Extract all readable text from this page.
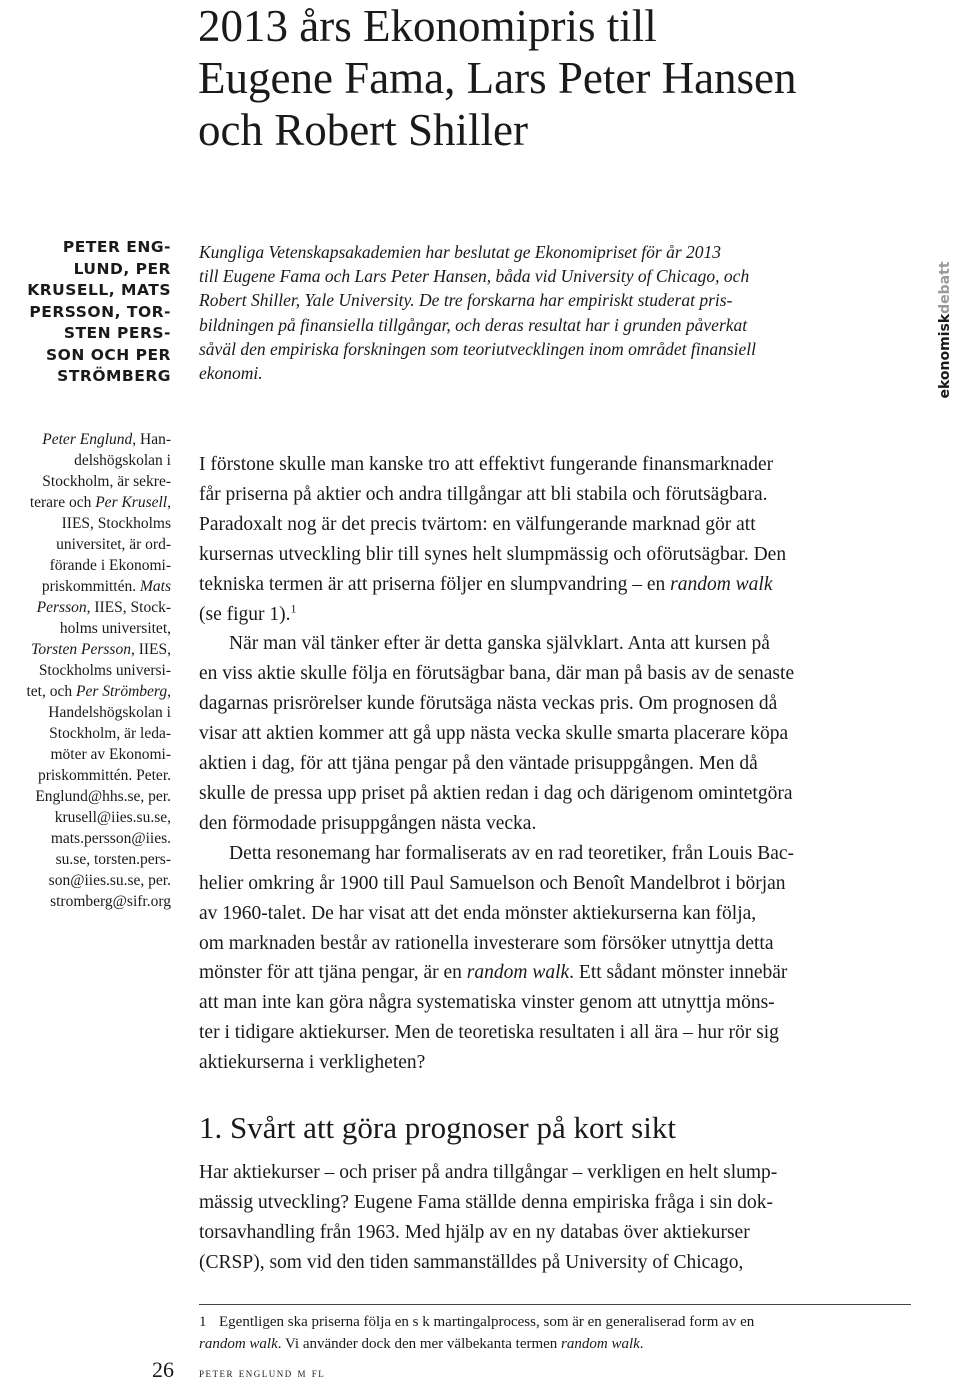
2013 års Ekonomipris till
Eugene Fama, Lars Peter Hansen
och Robert Shiller
PETER ENG-
LUND, PER
KRUSELL, MATS
PERSSON, TOR-
STEN PERS-
SON OCH PER
STRÖMBERG
Peter Englund, Han-
delshögskolan i
Stockholm, är sekre-
terare och Per Krusell,
IIES, Stockholms
universitet, är ord-
förande i Ekonomi-
priskommittén. Mats
Persson, IIES, Stock-
holms universitet,
Torsten Persson, IIES,
Stockholms universi-
tet, och Per Strömberg,
Handelshögskolan i
Stockholm, är leda-
möter av Ekonomi-
priskommittén. Peter.
Englund@hhs.se, per.
krusell@iies.su.se,
mats.persson@iies.
su.se, torsten.pers-
son@iies.su.se, per.
stromberg@sifr.org
Kungliga Vetenskapsakademien har beslutat ge Ekonomipriset för år 2013
till Eugene Fama och Lars Peter Hansen, båda vid University of Chicago, och
Robert Shiller, Yale University. De tre forskarna har empiriskt studerat pris-
bildningen på finansiella tillgångar, och deras resultat har i grunden påverkat
såväl den empiriska forskningen som teoriutvecklingen inom området finansiell
ekonomi.	ekonomiskdebatt
I förstone skulle man kanske tro att effektivt fungerande finansmarknader
får priserna på aktier och andra tillgångar att bli stabila och förutsägbara.
Paradoxalt nog är det precis tvärtom: en välfungerande marknad gör att
kursernas utveckling blir till synes helt slumpmässig och oförutsägbar. Den
tekniska termen är att priserna följer en slumpvandring – en random walk
(se figur 1).$^1$
När man väl tänker efter är detta ganska självklart. Anta att kursen på
en viss aktie skulle följa en förutsägbar bana, där man på basis av de senaste
dagarnas prisrörelser kunde förutsäga nästa veckas pris. Om prognosen då
visar att aktien kommer att gå upp nästa vecka skulle smarta placerare köpa
aktien i dag, för att tjäna pengar på den väntade prisuppgången. Men då
skulle de pressa upp priset på aktien redan i dag och därigenom omintetgöra
den förmodade prisuppgången nästa vecka.
Detta resonemang har formaliserats av en rad teoretiker, från Louis Bac-
helier omkring år 1900 till Paul Samuelson och Benoît Mandelbrot i början
av 1960-talet. De har visat att det enda mönster aktiekurserna kan följa,
om marknaden består av rationella investerare som försöker utnyttja detta
mönster för att tjäna pengar, är en random walk. Ett sådant mönster innebär
att man inte kan göra några systematiska vinster genom att utnyttja möns-
ter i tidigare aktiekurser. Men de teoretiska resultaten i all ära – hur rör sig
aktiekurserna i verkligheten?
1. Svårt att göra prognoser på kort sikt
Har aktiekurser – och priser på andra tillgångar – verkligen en helt slump-
mässig utveckling? Eugene Fama ställde denna empiriska fråga i sin dok-
torsavhandling från 1963. Med hjälp av en ny databas över aktiekurser
(CRSP), som vid den tiden sammanställdes på University of Chicago,
1 Egentligen ska priserna följa en s k martingalprocess, som är en generaliserad form av en
random walk. Vi använder dock den mer välbekanta termen random walk.
26 peter englund m fl
